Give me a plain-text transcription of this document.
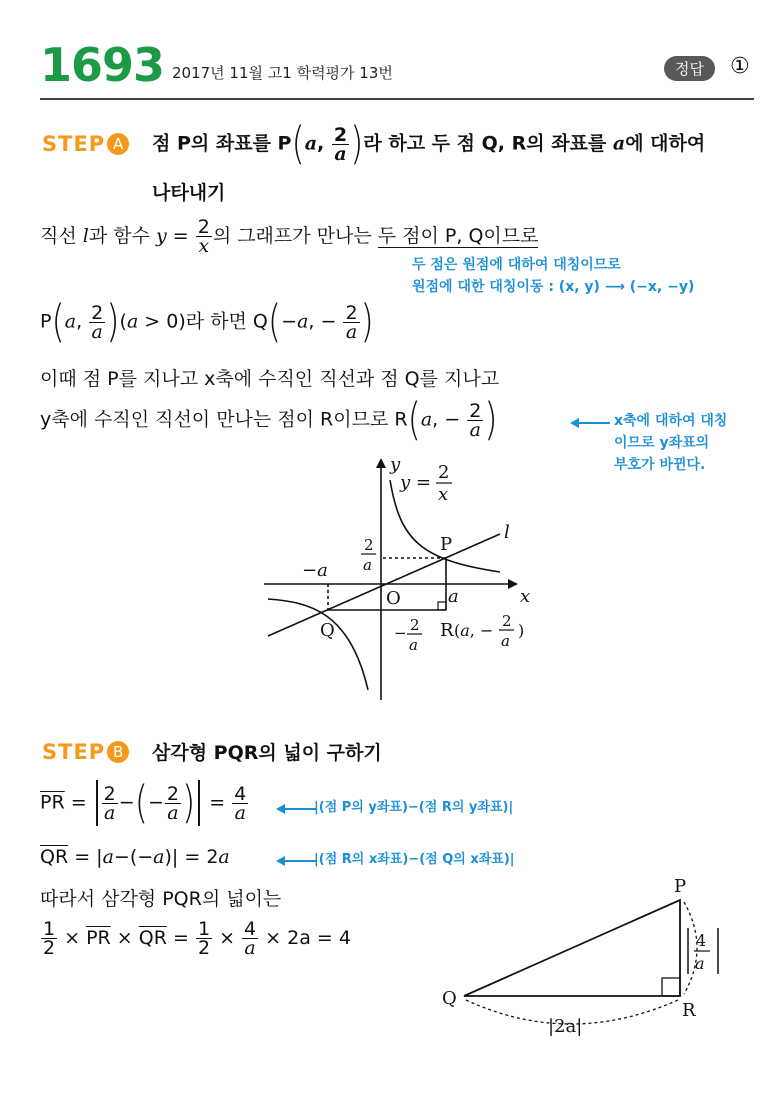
1693 2017년 11월 고1 학력평가 13번	정답	①
STEP A	점 P의 좌표를 P(a, $\frac{2}{a}$ )라 하고 두 점 Q, R의 좌표를 a에 대하여
나타내기
직선 l과 함수 $y = \frac{2}{x}$ 의 그래프가 만나는 두 점이 P, Q이므로
두 점은 원점에 대하여 대칭이므로
원점에 대한 대칭이동 : (x, y) ⟶ (−x, −y)
P(a, $\frac{2}{a} )(a > 0)$라 하면 Q(−a, − $\frac{2}{a}$ )
이때 점 P를 지나고 x축에 수직인 직선과 점 Q를 지나고
y축에 수직인 직선이 만나는 점이 R이므로 R(a, − $\frac{2}{a}$ )	x축에 대하여 대칭
이므로 y좌표의
부호가 바뀐다.
y
x
O
l
P
Q	R
−a
a
y = 2
x
2
a
− 2
a
(a, − 2
a
)
STEP B	삼각형 PQR의 넓이 구하기
$\overline{PR} = \frac{2}{a}$ −(− $\frac{2}{a}$ ) = $\frac{4}{a}$	|(점 P의 y좌표)−(점 R의 y좌표)|
$\overline{QR} = |a-(-a)| = 2a$	|(점 R의 x좌표)−(점 Q의 x좌표)|
따라서 삼각형 PQR의 넓이는
$\frac{1}{2} \times \overline{PR} \times \overline{QR} = \frac{1}{2} \times \frac{4}{a} \times 2a = 4$
P
Q
R
|2a|
4
a
